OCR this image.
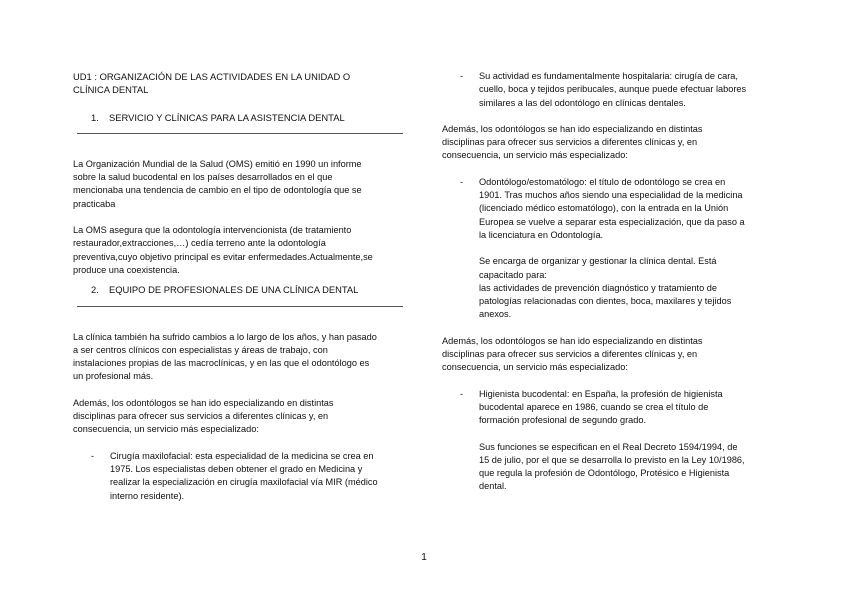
UD1 : ORGANIZACIÓN DE LAS ACTIVIDADES EN LA UNIDAD O
CLÍNICA DENTAL
1. SERVICIO Y CLÍNICAS PARA LA ASISTENCIA DENTAL

La Organización Mundial de la Salud (OMS) emitió en 1990 un informe
sobre la salud bucodental en los países desarrollados en el que
mencionaba una tendencia de cambio en el tipo de odontología que se
practicaba

La OMS asegura que la odontología intervencionista (de tratamiento
restaurador,extracciones,…) cedía terreno ante la odontología
preventiva,cuyo objetivo principal es evitar enfermedades.Actualmente,se
produce una coexistencia.

2. EQUIPO DE PROFESIONALES DE UNA CLÍNICA DENTAL

La clínica también ha sufrido cambios a lo largo de los años, y han pasado
a ser centros clínicos con especialistas y áreas de trabajo, con
instalaciones propias de las macroclínicas, y en las que el odontólogo es
un profesional más.

Además, los odontólogos se han ido especializando en distintas
disciplinas para ofrecer sus servicios a diferentes clínicas y, en
consecuencia, un servicio más especializado:

- Cirugía maxilofacial: esta especialidad de la medicina se crea en
1975. Los especialistas deben obtener el grado en Medicina y
realizar la especialización en cirugía maxilofacial vía MIR (médico
interno residente).
- Su actividad es fundamentalmente hospitalaria: cirugía de cara,
cuello, boca y tejidos peribucales, aunque puede efectuar labores
similares a las del odontólogo en clínicas dentales.

Además, los odontólogos se han ido especializando en distintas
disciplinas para ofrecer sus servicios a diferentes clínicas y, en
consecuencia, un servicio más especializado:

- Odontólogo/estomatólogo: el título de odontólogo se crea en
1901. Tras muchos años siendo una especialidad de la medicina
(licenciado médico estomatólogo), con la entrada en la Unión
Europea se vuelve a separar esta especialización, que da paso a
la licenciatura en Odontología.

Se encarga de organizar y gestionar la clínica dental. Está
capacitado para:
las actividades de prevención diagnóstico y tratamiento de
patologías relacionadas con dientes, boca, maxilares y tejidos
anexos.

Además, los odontólogos se han ido especializando en distintas
disciplinas para ofrecer sus servicios a diferentes clínicas y, en
consecuencia, un servicio más especializado:

- Higienista bucodental: en España, la profesión de higienista
bucodental aparece en 1986, cuando se crea el título de
formación profesional de segundo grado.

Sus funciones se especifican en el Real Decreto 1594/1994, de
15 de julio, por el que se desarrolla lo previsto en la Ley 10/1986,
que regula la profesión de Odontólogo, Protésico e Higienista
dental.

1
